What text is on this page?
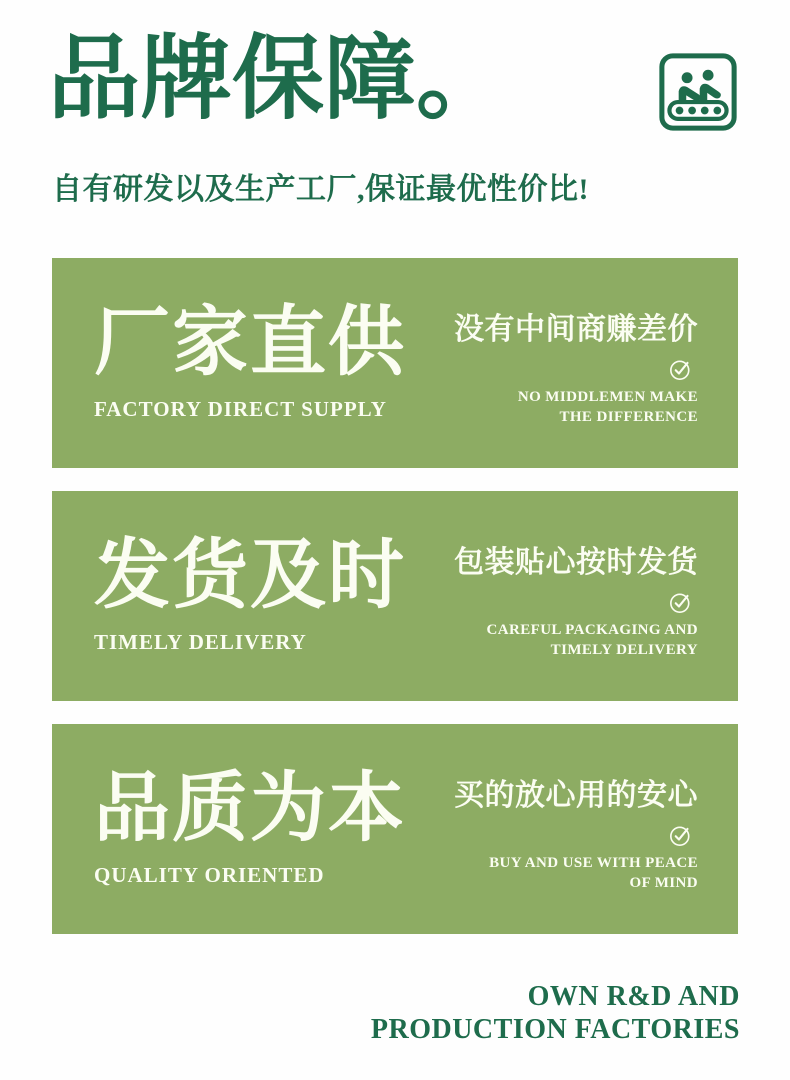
品牌保障。

自有研发以及生产工厂,保证最优性价比!

厂家直供
FACTORY DIRECT SUPPLY
没有中间商赚差价
NO MIDDLEMEN MAKE
THE DIFFERENCE
发货及时
TIMELY DELIVERY
包装贴心按时发货
CAREFUL PACKAGING AND
TIMELY DELIVERY
品质为本
QUALITY ORIENTED
买的放心用的安心
BUY AND USE WITH PEACE
OF MIND
OWN R&D AND
PRODUCTION FACTORIES
